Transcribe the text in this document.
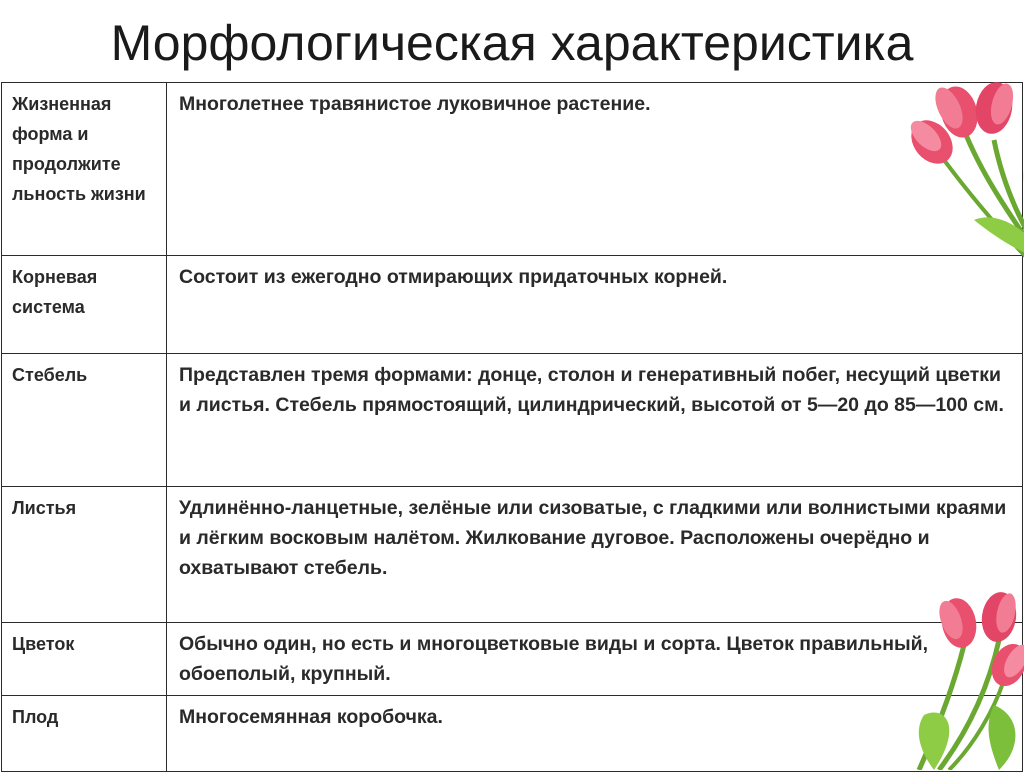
Морфологическая характеристика
Жизненная форма и продолжите льность жизни	Многолетнее травянистое луковичное растение.
Корневая система	Состоит из ежегодно отмирающих придаточных корней.
Стебель	Представлен тремя формами: донце, столон и генеративный побег, несущий цветки и листья. Стебель прямостоящий, цилиндрический, высотой от 5—20 до 85—100 см.
Листья	Удлинённо-ланцетные, зелёные или сизоватые, с гладкими или волнистыми краями и лёгким восковым налётом. Жилкование дуговое. Расположены очерёдно и охватывают стебель.
Цветок	Обычно один, но есть и многоцветковые виды и сорта. Цветок правильный, обоеполый, крупный.
Плод	Многосемянная коробочка.
